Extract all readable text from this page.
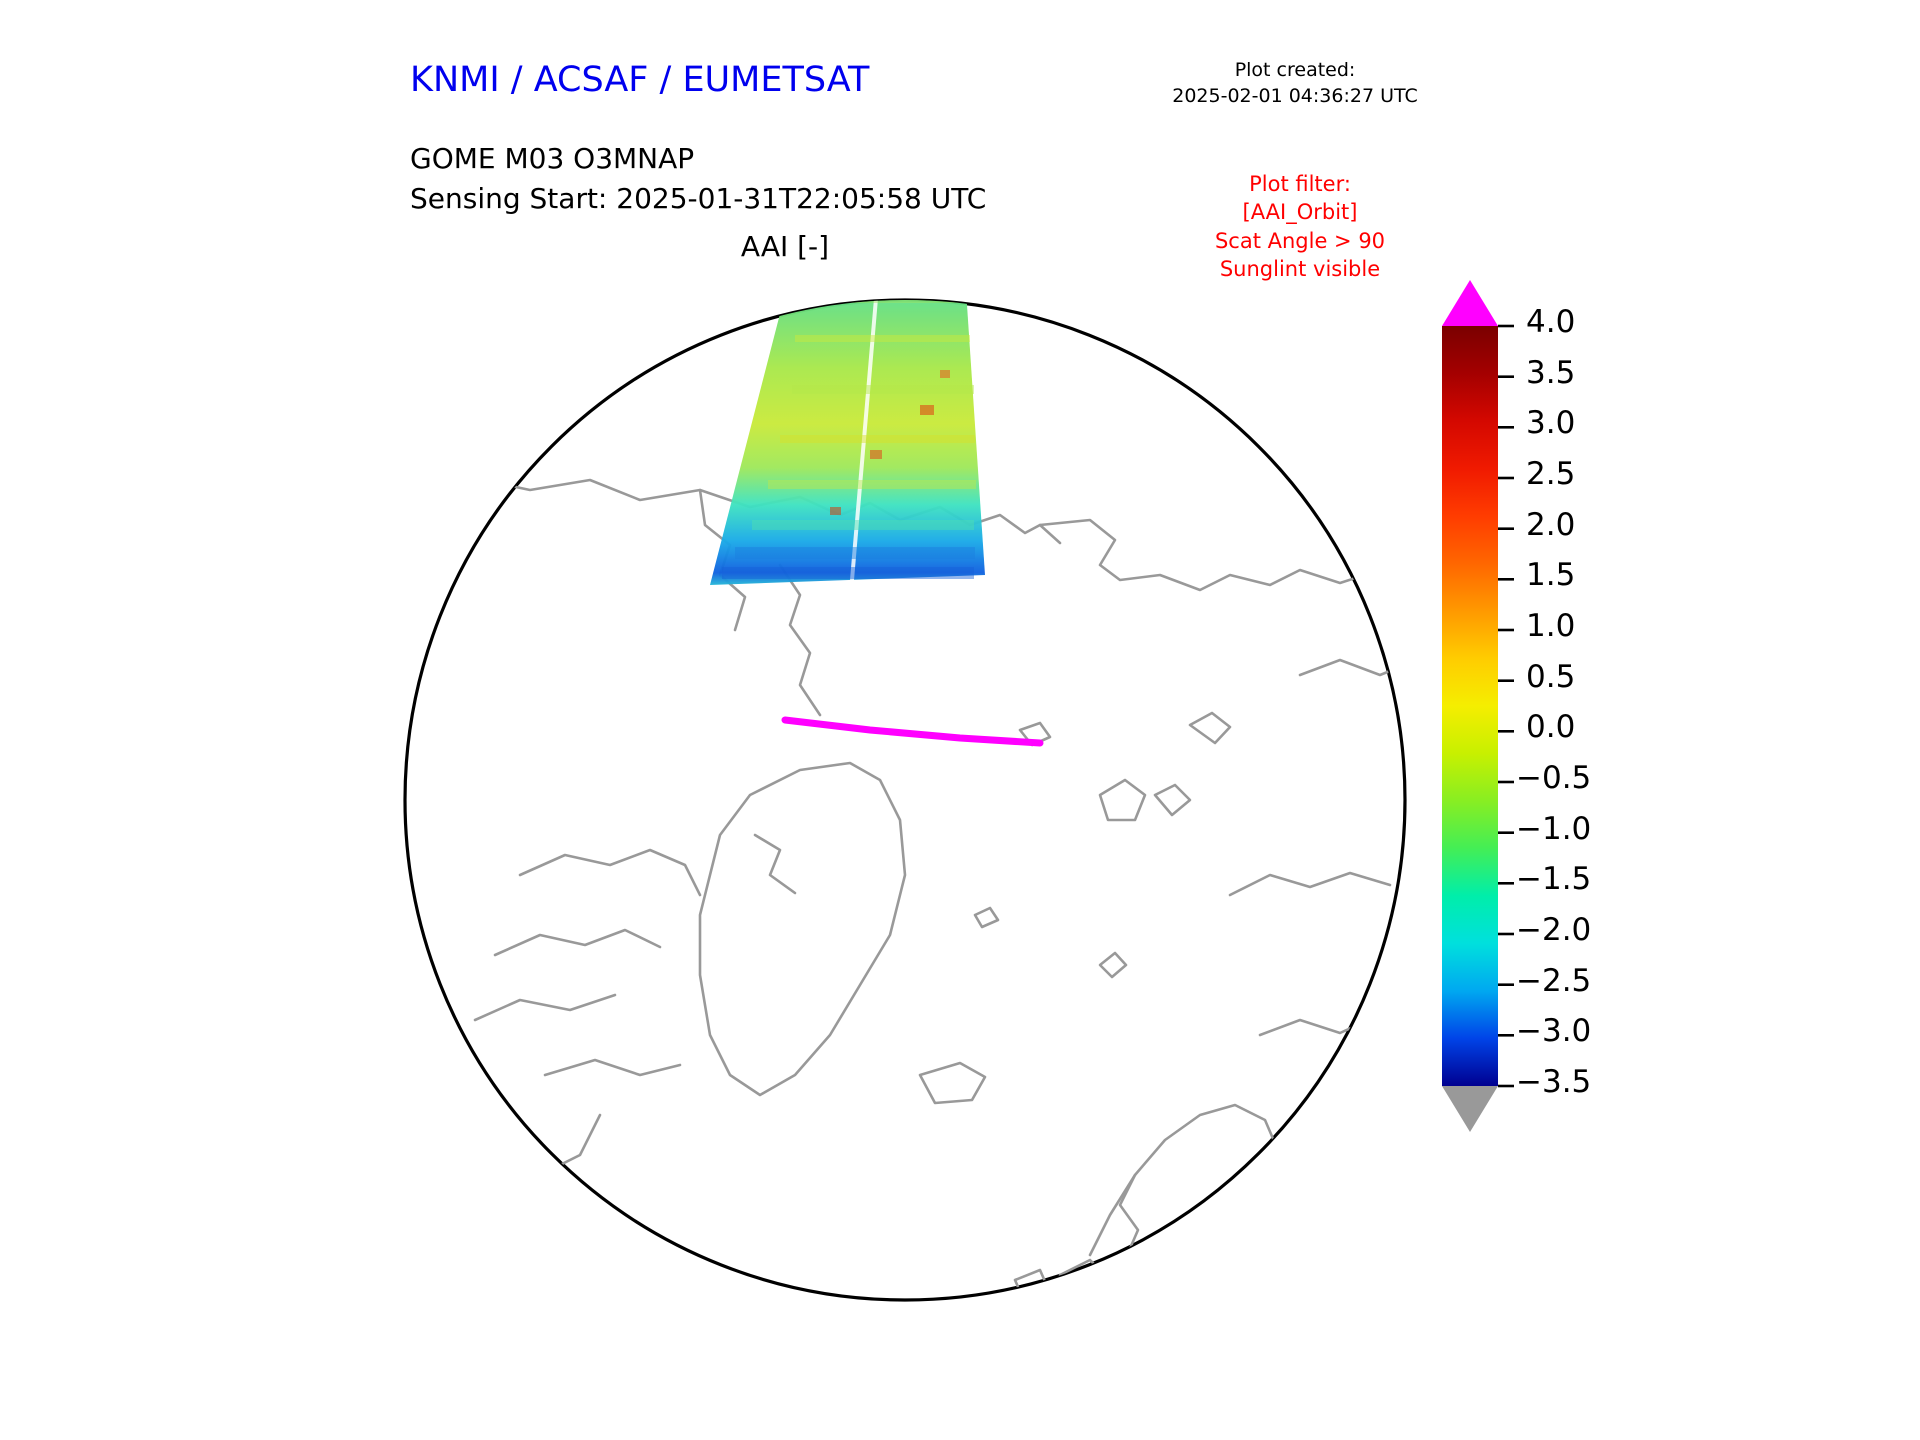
KNMI / ACSAF / EUMETSAT	Plot created:
2025-02-01 04:36:27 UTC
GOME M03 O3MNAP
Sensing Start: 2025-01-31T22:05:58 UTC
AAI [-]
Plot filter:
[AAI_Orbit]
Scat Angle > 90
Sunglint visible
4.0
3.5
3.0
2.5
2.0
1.5
1.0
0.5
0.0
−0.5
−1.0
−1.5
−2.0
−2.5
−3.0
−3.5
